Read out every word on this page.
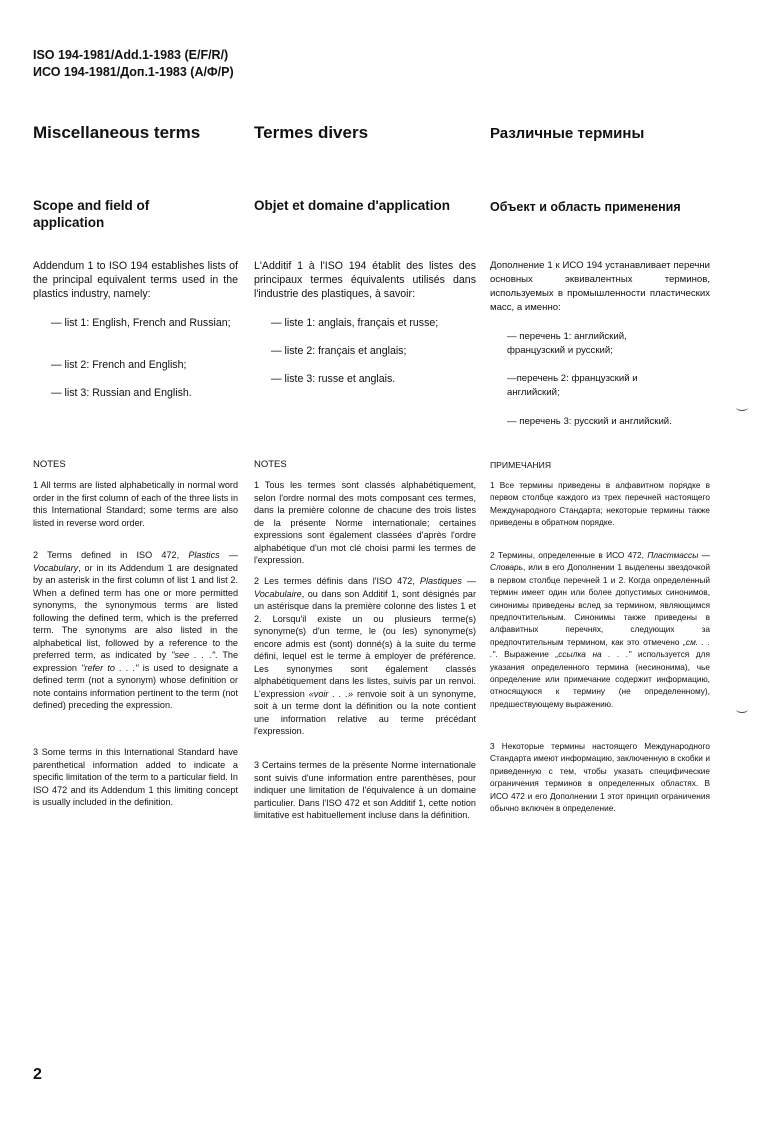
ISO 194-1981/Add.1-1983 (E/F/R/)
ИСО 194-1981/Доп.1-1983 (А/Ф/Р)
Miscellaneous terms
Scope and field of application
Addendum 1 to ISO 194 establishes lists of the principal equivalent terms used in the plastics industry, namely:
— list 1: English, French and Russian;
— list 2: French and English;
— list 3: Russian and English.
NOTES
1 All terms are listed alphabetically in normal word order in the first column of each of the three lists in this International Standard; some terms are also listed in reverse word order.
2 Terms defined in ISO 472, Plastics — Vocabulary, or in its Addendum 1 are designated by an asterisk in the first column of list 1 and list 2. When a defined term has one or more permitted synonyms, the synonymous terms are listed following the defined term, which is the preferred term. The synonyms are also listed in the alphabetical list, followed by a reference to the preferred term, as indicated by "see . . .". The expression "refer to . . ." is used to designate a defined term (not a synonym) whose definition or note contains information pertinent to the term (not defined) preceding the expression.
3 Some terms in this International Standard have parenthetical information added to indicate a specific limitation of the term to a particular field. In ISO 472 and its Addendum 1 this limiting concept is usually included in the definition.
Termes divers
Objet et domaine d'application
L'Additif 1 à l'ISO 194 établit des listes des principaux termes équivalents utilisés dans l'industrie des plastiques, à savoir:
— liste 1: anglais, français et russe;
— liste 2: français et anglais;
— liste 3: russe et anglais.
NOTES
1 Tous les termes sont classés alphabétiquement, selon l'ordre normal des mots composant ces termes, dans la première colonne de chacune des trois listes de la présente Norme internationale; certaines expressions sont également classées d'après l'ordre alphabétique d'un mot clé choisi parmi les termes de l'expression.
2 Les termes définis dans l'ISO 472, Plastiques — Vocabulaire, ou dans son Additif 1, sont désignés par un astérisque dans la première colonne des listes 1 et 2. Lorsqu'il existe un ou plusieurs terme(s) synonyme(s) d'un terme, le (ou les) synonyme(s) encore admis est (sont) donné(s) à la suite du terme défini, lequel est le terme à employer de préférence. Les synonymes sont également classés alphabétiquement dans les listes, suivis par un renvoi. L'expression «voir . . .» renvoie soit à un synonyme, soit à un terme dont la définition ou la note contient une information relative au terme précédant l'expression.
3 Certains termes de la présente Norme internationale sont suivis d'une information entre parenthèses, pour indiquer une limitation de l'équivalence à un domaine particulier. Dans l'ISO 472 et son Additif 1, cette notion limitative est habituellement incluse dans la définition.
Различные термины
Объект и область применения
Дополнение 1 к ИСО 194 устанавливает перечни основных эквивалентных терминов, используемых в промышленности пластических масс, а именно:
— перечень 1: английский, французский и русский;
—перечень 2: французский и английский;
— перечень 3: русский и английский.
ПРИМЕЧАНИЯ
1 Все термины приведены в алфавитном порядке в первом столбце каждого из трех перечней настоящего Международного Стандарта; некоторые термины также приведены в обратном порядке.
2 Термины, определенные в ИСО 472, Пластмассы — Словарь, или в его Дополнении 1 выделены звездочкой в первом столбце перечней 1 и 2. Когда определенный термин имеет один или более допустимых синонимов, синонимы приведены вслед за термином, являющимся предпочтительным. Синонимы также приведены в алфавитных перечнях, следующих за предпочтительным термином, как это отмечено „см. . . .". Выражение „ссылка на . . ." используется для указания определенного термина (несинонима), чье определение или примечание содержит информацию, относящуюся к термину (не определенному), предшествующему выражению.
3 Некоторые термины настоящего Международного Стандарта имеют информацию, заключенную в скобки и приведенную с тем, чтобы указать специфические ограничения терминов в определенных областях. В ИСО 472 и его Дополнении 1 этот принцип ограничения обычно включен в определение.
2
